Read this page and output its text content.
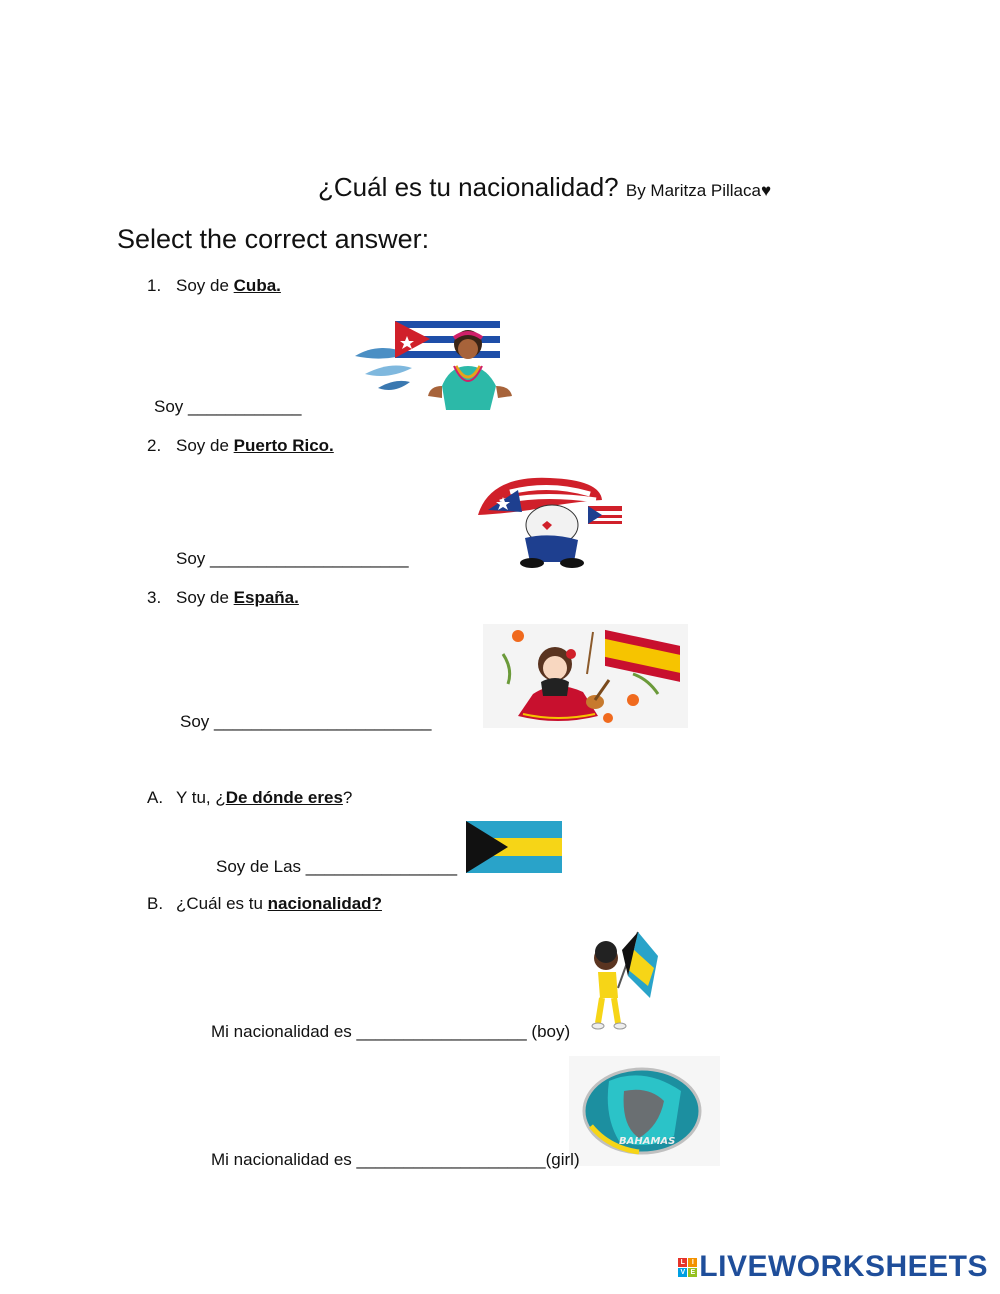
¿Cuál es tu nacionalidad? By Maritza Pillaca♥
Select the correct answer:
1. Soy de Cuba.
Soy ____________
2. Soy de Puerto Rico.
Soy _____________________
3. Soy de España.
Soy _______________________
A. Y tu, ¿De dónde eres?
Soy de Las ________________
B. ¿Cuál es tu nacionalidad?
Mi nacionalidad es __________________ (boy)
BAHAMAS
Mi nacionalidad es ____________________(girl)
L I
V E LIVEWORKSHEETS
